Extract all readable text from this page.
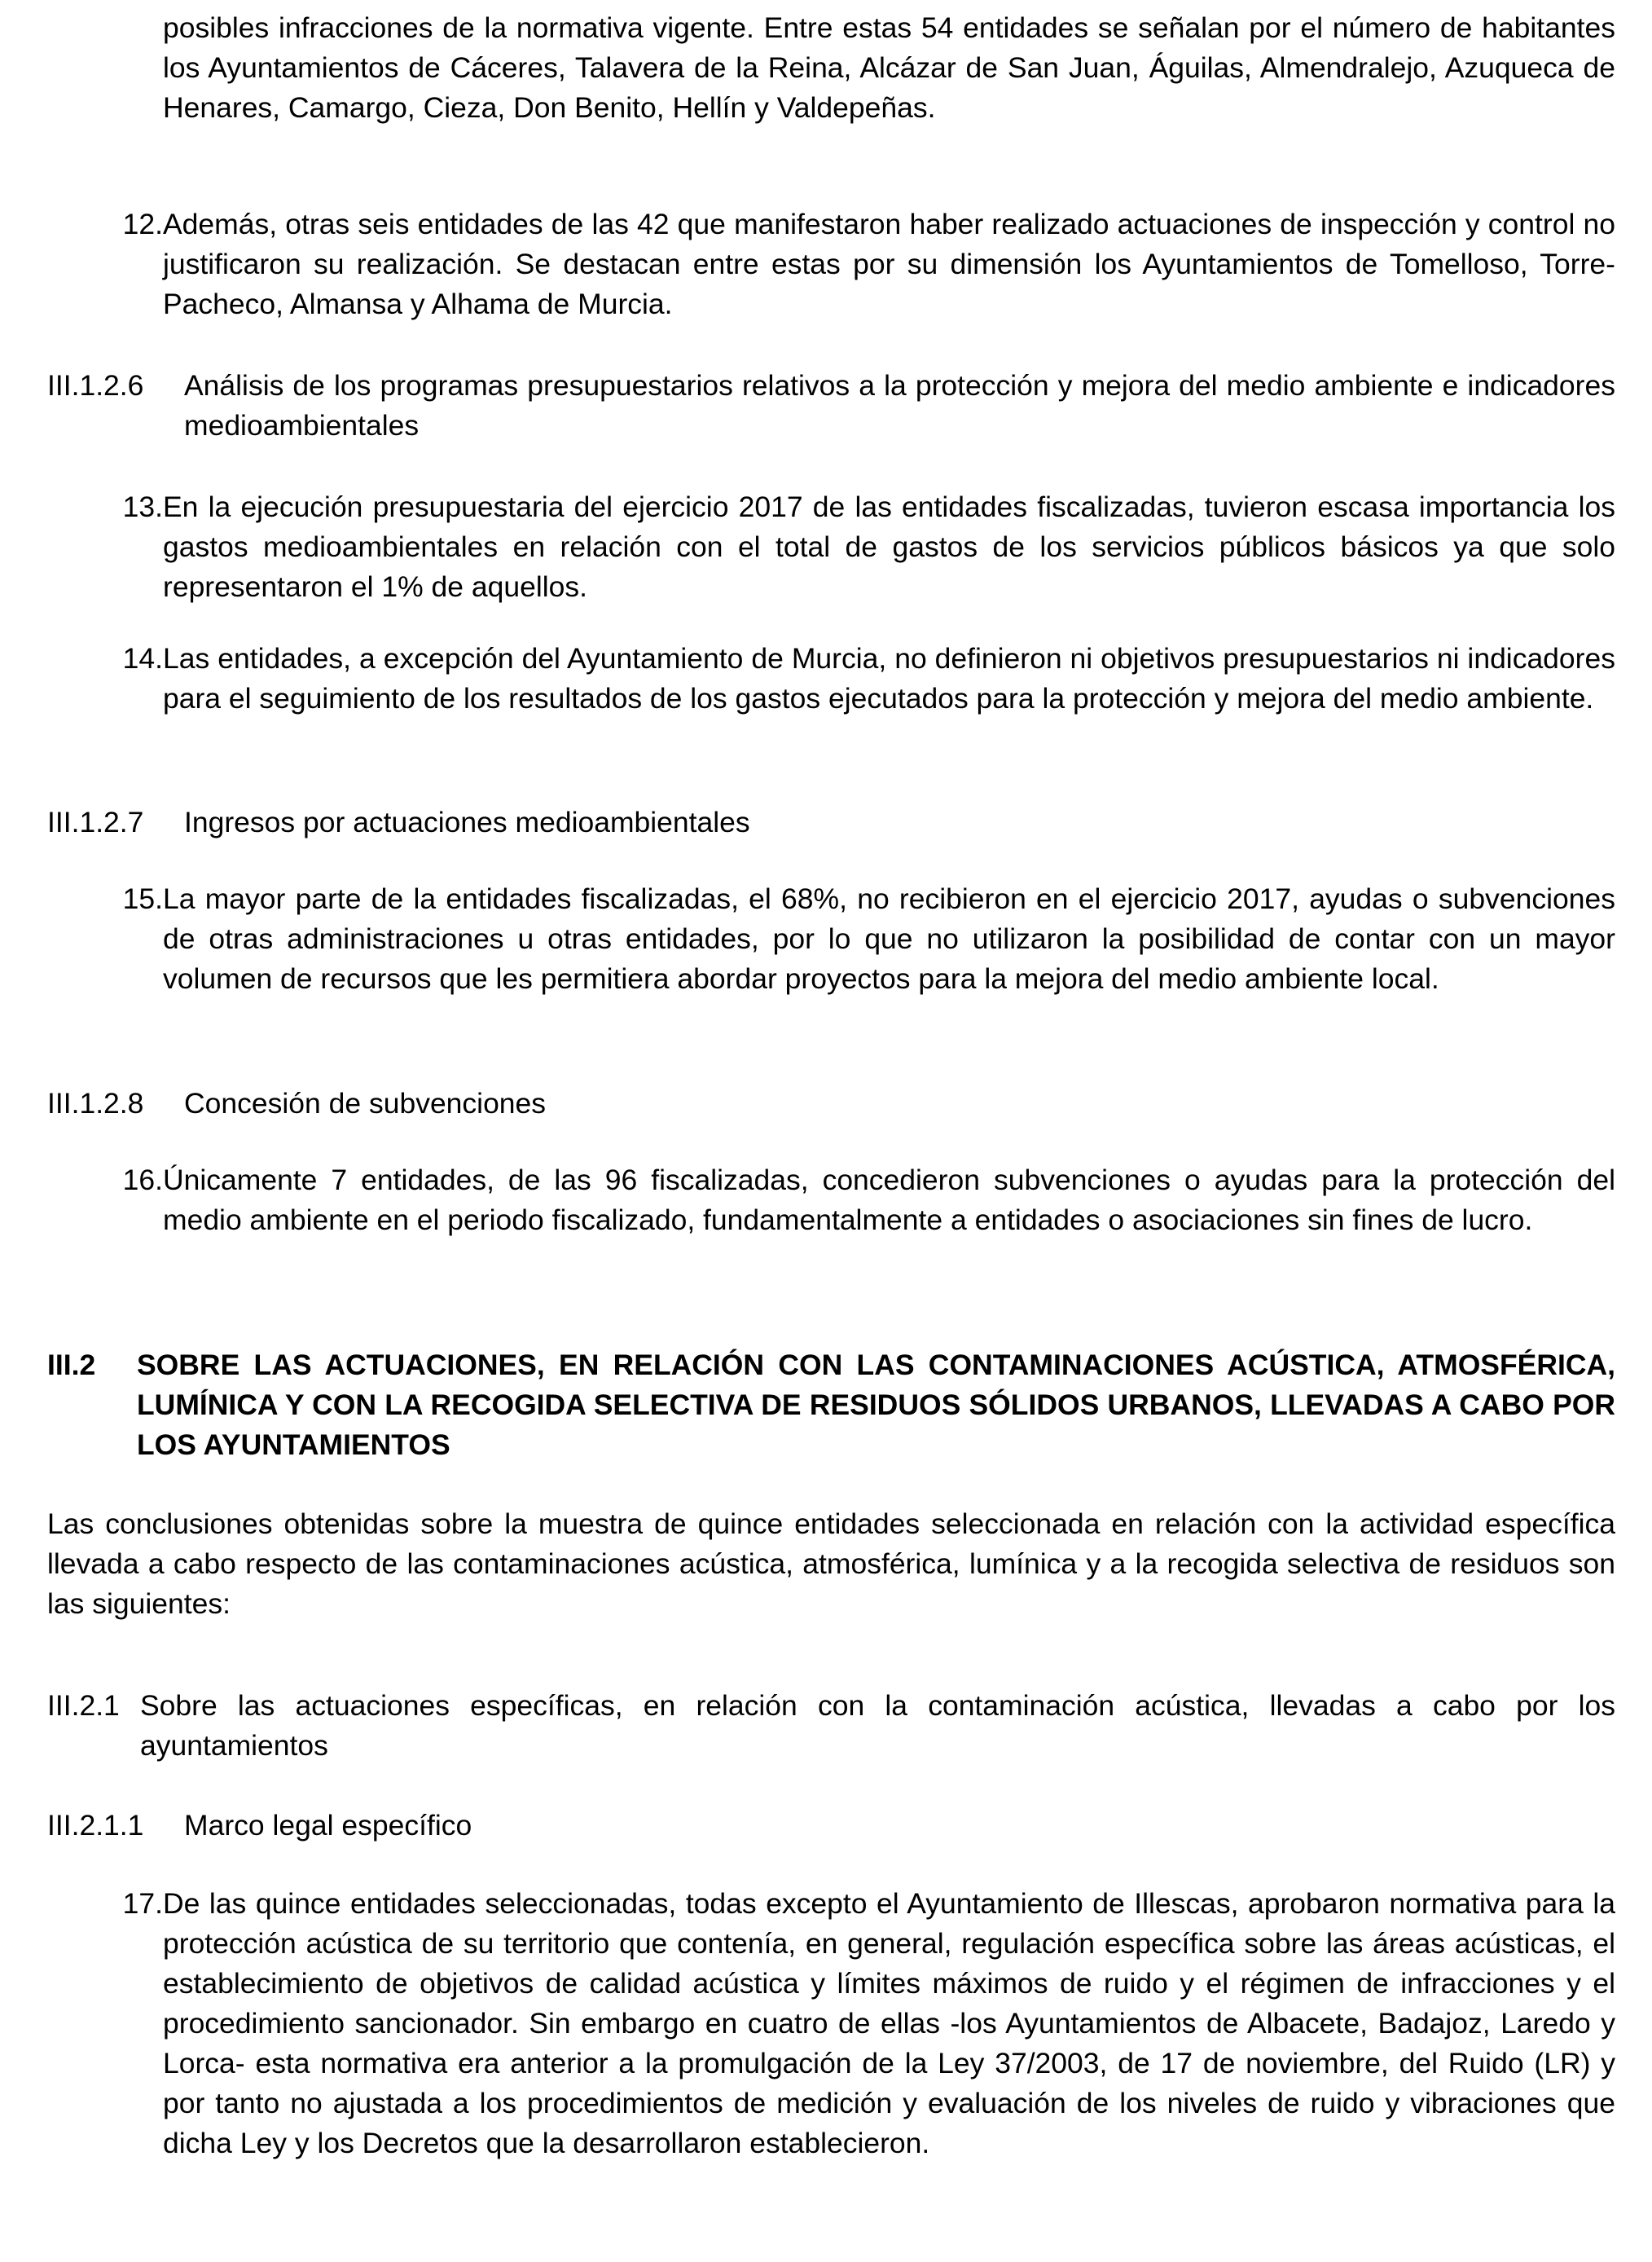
posibles infracciones de la normativa vigente. Entre estas 54 entidades se señalan por el número de habitantes los Ayuntamientos de Cáceres, Talavera de la Reina, Alcázar de San Juan, Águilas, Almendralejo, Azuqueca de Henares, Camargo, Cieza, Don Benito, Hellín y Valdepeñas.

12. Además, otras seis entidades de las 42 que manifestaron haber realizado actuaciones de inspección y control no justificaron su realización. Se destacan entre estas por su dimensión los Ayuntamientos de Tomelloso, Torre-Pacheco, Almansa y Alhama de Murcia.

III.1.2.6 Análisis de los programas presupuestarios relativos a la protección y mejora del medio ambiente e indicadores medioambientales

13. En la ejecución presupuestaria del ejercicio 2017 de las entidades fiscalizadas, tuvieron escasa importancia los gastos medioambientales en relación con el total de gastos de los servicios públicos básicos ya que solo representaron el 1% de aquellos.

14. Las entidades, a excepción del Ayuntamiento de Murcia, no definieron ni objetivos presupuestarios ni indicadores para el seguimiento de los resultados de los gastos ejecutados para la protección y mejora del medio ambiente.

III.1.2.7 Ingresos por actuaciones medioambientales

15. La mayor parte de la entidades fiscalizadas, el 68%, no recibieron en el ejercicio 2017, ayudas o subvenciones de otras administraciones u otras entidades, por lo que no utilizaron la posibilidad de contar con un mayor volumen de recursos que les permitiera abordar proyectos para la mejora del medio ambiente local.

III.1.2.8 Concesión de subvenciones

16. Únicamente 7 entidades, de las 96 fiscalizadas, concedieron subvenciones o ayudas para la protección del medio ambiente en el periodo fiscalizado, fundamentalmente a entidades o asociaciones sin fines de lucro.

III.2 SOBRE LAS ACTUACIONES, EN RELACIÓN CON LAS CONTAMINACIONES ACÚSTICA, ATMOSFÉRICA, LUMÍNICA Y CON LA RECOGIDA SELECTIVA DE RESIDUOS SÓLIDOS URBANOS, LLEVADAS A CABO POR LOS AYUNTAMIENTOS

Las conclusiones obtenidas sobre la muestra de quince entidades seleccionada en relación con la actividad específica llevada a cabo respecto de las contaminaciones acústica, atmosférica, lumínica y a la recogida selectiva de residuos son las siguientes:

III.2.1 Sobre las actuaciones específicas, en relación con la contaminación acústica, llevadas a cabo por los ayuntamientos
III.2.1.1 Marco legal específico

17. De las quince entidades seleccionadas, todas excepto el Ayuntamiento de Illescas, aprobaron normativa para la protección acústica de su territorio que contenía, en general, regulación específica sobre las áreas acústicas, el establecimiento de objetivos de calidad acústica y límites máximos de ruido y el régimen de infracciones y el procedimiento sancionador. Sin embargo en cuatro de ellas -los Ayuntamientos de Albacete, Badajoz, Laredo y Lorca- esta normativa era anterior a la promulgación de la Ley 37/2003, de 17 de noviembre, del Ruido (LR) y por tanto no ajustada a los procedimientos de medición y evaluación de los niveles de ruido y vibraciones que dicha Ley y los Decretos que la desarrollaron establecieron.
